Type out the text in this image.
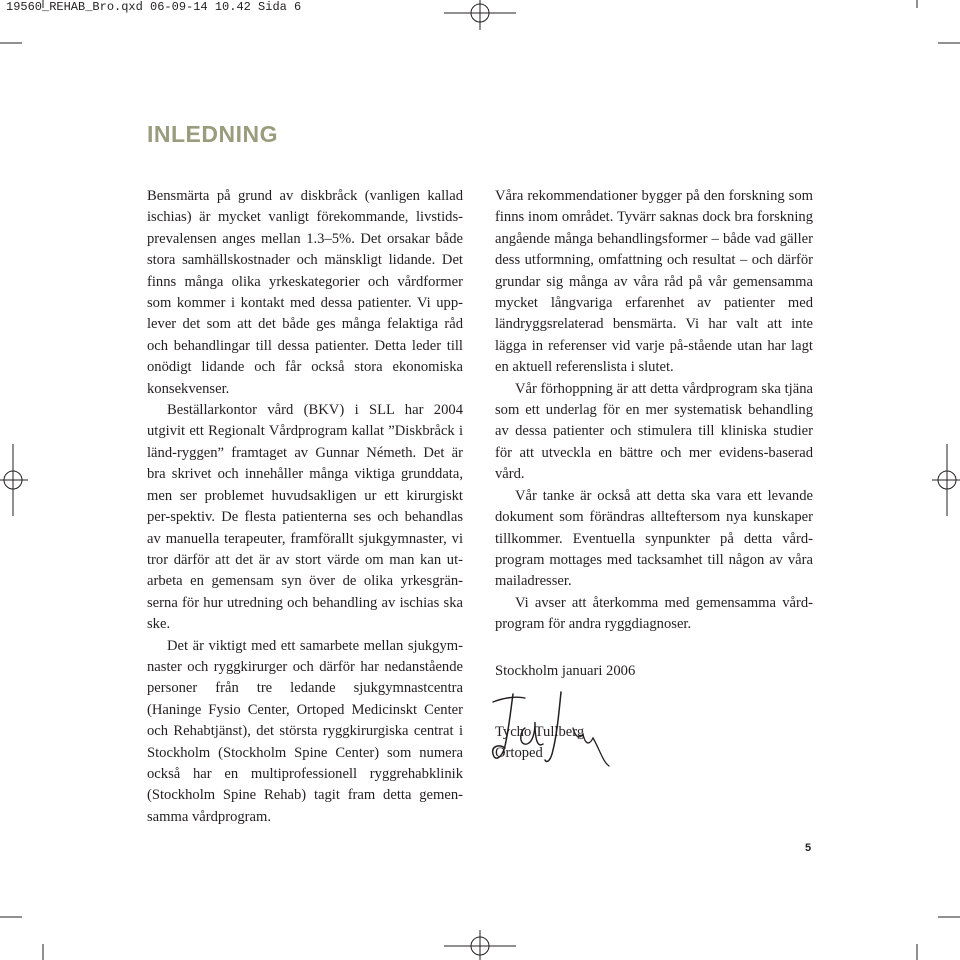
19560_REHAB_Bro.qxd 06-09-14 10.42 Sida 6
INLEDNING

Bensmärta på grund av diskbråck (vanligen kallad ischias) är mycket vanligt förekommande, livstids-prevalensen anges mellan 1.3–5%. Det orsakar både stora samhällskostnader och mänskligt lidande. Det finns många olika yrkeskategorier och vårdformer som kommer i kontakt med dessa patienter. Vi upp-lever det som att det både ges många felaktiga råd och behandlingar till dessa patienter. Detta leder till onödigt lidande och får också stora ekonomiska konsekvenser.

Beställarkontor vård (BKV) i SLL har 2004 utgivit ett Regionalt Vårdprogram kallat ”Diskbråck i länd-ryggen” framtaget av Gunnar Németh. Det är bra skrivet och innehåller många viktiga grunddata, men ser problemet huvudsakligen ur ett kirurgiskt per-spektiv. De flesta patienterna ses och behandlas av manuella terapeuter, framförallt sjukgymnaster, vi tror därför att det är av stort värde om man kan ut-arbeta en gemensam syn över de olika yrkesgrän-serna för hur utredning och behandling av ischias ska ske.

Det är viktigt med ett samarbete mellan sjukgym-naster och ryggkirurger och därför har nedanstående personer från tre ledande sjukgymnastcentra (Haninge Fysio Center, Ortoped Medicinskt Center och Rehabtjänst), det största ryggkirurgiska centrat i Stockholm (Stockholm Spine Center) som numera också har en multiprofessionell ryggrehabklinik (Stockholm Spine Rehab) tagit fram detta gemen-samma vårdprogram.

Våra rekommendationer bygger på den forskning som finns inom området. Tyvärr saknas dock bra forskning angående många behandlingsformer – både vad gäller dess utformning, omfattning och resultat – och därför grundar sig många av våra råd på vår gemensamma mycket långvariga erfarenhet av patienter med ländryggsrelaterad bensmärta. Vi har valt att inte lägga in referenser vid varje på-stående utan har lagt en aktuell referenslista i slutet.

Vår förhoppning är att detta vårdprogram ska tjäna som ett underlag för en mer systematisk behandling av dessa patienter och stimulera till kliniska studier för att utveckla en bättre och mer evidens-baserad vård.

Vår tanke är också att detta ska vara ett levande dokument som förändras allteftersom nya kunskaper tillkommer. Eventuella synpunkter på detta vård-program mottages med tacksamhet till någon av våra mailadresser.

Vi avser att återkomma med gemensamma vård-program för andra ryggdiagnoser.

Stockholm januari 2006

Tycho Tullberg

Ortoped

5
